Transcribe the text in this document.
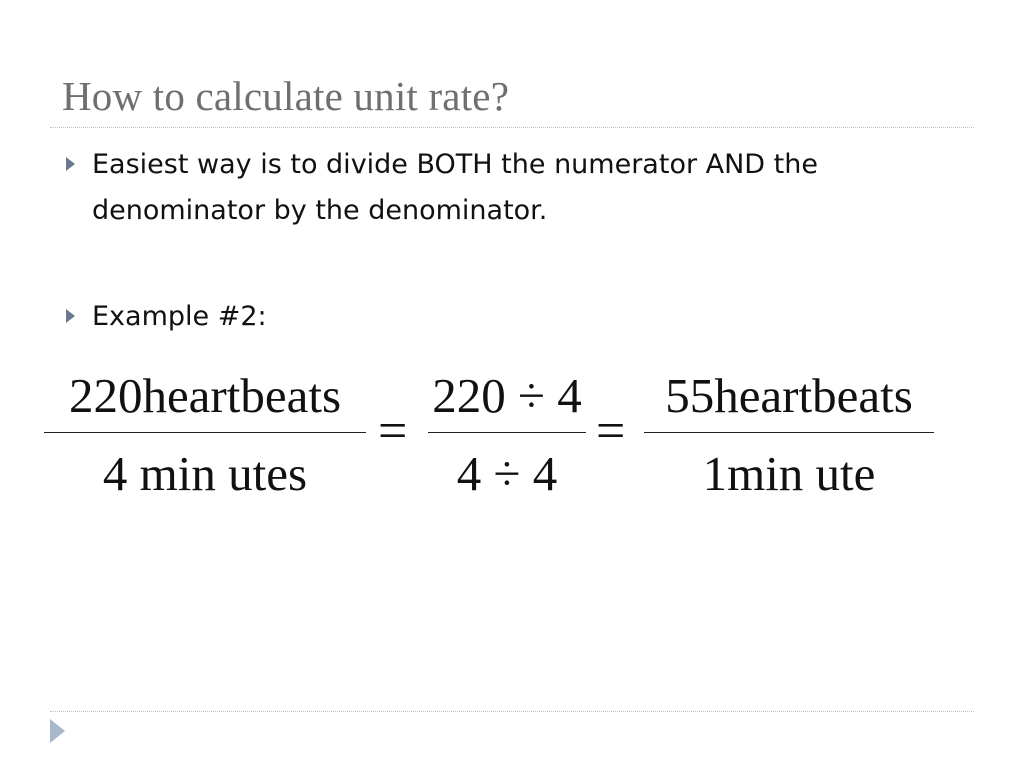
How to calculate unit rate?
Easiest way is to divide BOTH the numerator AND the denominator by the denominator.
Example #2:
220heartbeats
4 min utes
=
220 ÷ 4
4 ÷ 4
=
55heartbeats
1min ute
